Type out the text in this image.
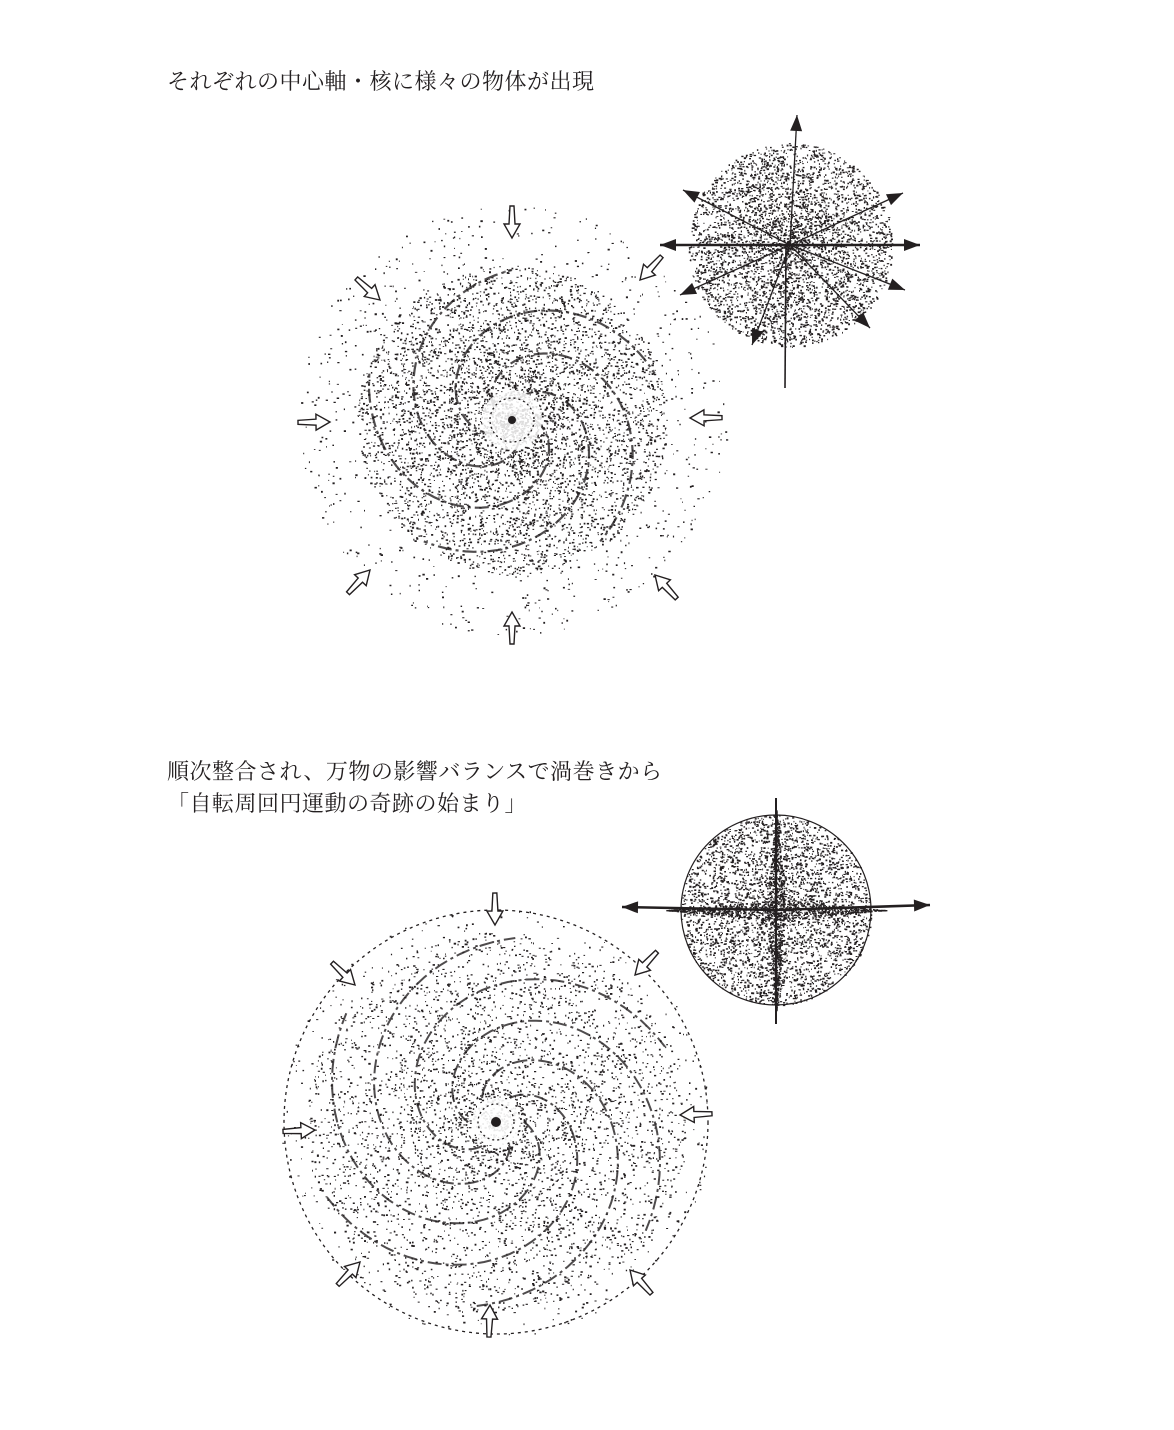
それぞれの中心軸・核に様々の物体が出現

順次整合され、万物の影響バランスで渦巻きから

「自転周回円運動の奇跡の始まり」
